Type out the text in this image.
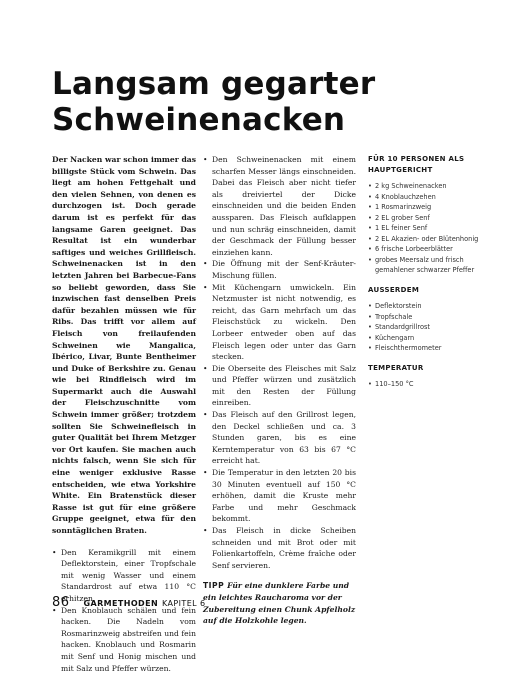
Langsam gegarter
Schweinenacken

Der Nacken war schon immer das billigste Stück vom Schwein. Das liegt am hohen Fettgehalt und den vielen Sehnen, von denen es durchzogen ist. Doch gerade darum ist es perfekt für das langsame Garen geeignet. Das Resultat ist ein wunderbar saftiges und weiches Grillfleisch. Schweinenacken ist in den letzten Jahren bei Barbecue-Fans so beliebt geworden, dass Sie inzwischen fast denselben Preis dafür bezahlen müssen wie für Ribs. Das trifft vor allem auf Fleisch von freilaufenden Schweinen wie Mangalica, Ibérico, Livar, Bunte Bentheimer und Duke of Berkshire zu. Genau wie bei Rindfleisch wird im Supermarkt auch die Auswahl der Fleischzuschnitte vom Schwein immer größer; trotzdem sollten Sie Schweinefleisch in guter Qualität bei Ihrem Metzger vor Ort kaufen. Sie machen auch nichts falsch, wenn Sie sich für eine weniger exklusive Rasse entscheiden, wie etwa Yorkshire White. Ein Bratenstück dieser Rasse ist gut für eine größere Gruppe geeignet, etwa für den sonntäglichen Braten.

• Den Keramikgrill mit einem Deflektorstein, einer Tropfschale mit wenig Wasser und einem Standardrost auf etwa 110 °C erhitzen.
• Den Knoblauch schälen und fein hacken. Die Nadeln vom Rosmarinzweig abstreifen und fein hacken. Knoblauch und Rosmarin mit Senf und Honig mischen und mit Salz und Pfeffer würzen.
• Den Schweinenacken mit einem scharfen Messer längs einschneiden. Dabei das Fleisch aber nicht tiefer als dreiviertel der Dicke einschneiden und die beiden Enden aussparen. Das Fleisch aufklappen und nun schräg einschneiden, damit der Geschmack der Füllung besser einziehen kann.
• Die Öffnung mit der Senf-Kräuter-Mischung füllen.
• Mit Küchengarn umwickeln. Ein Netzmuster ist nicht notwendig, es reicht, das Garn mehrfach um das Fleischstück zu wickeln. Den Lorbeer entweder oben auf das Fleisch legen oder unter das Garn stecken.
• Die Oberseite des Fleisches mit Salz und Pfeffer würzen und zusätzlich mit den Resten der Füllung einreiben.
• Das Fleisch auf den Grillrost legen, den Deckel schließen und ca. 3 Stunden garen, bis es eine Kerntemperatur von 63 bis 67 °C erreicht hat.
• Die Temperatur in den letzten 20 bis 30 Minuten eventuell auf 150 °C erhöhen, damit die Kruste mehr Farbe und mehr Geschmack bekommt.
• Das Fleisch in dicke Scheiben schneiden und mit Brot oder mit Folienkartoffeln, Crème fraîche oder Senf servieren.
TIPP Für eine dunklere Farbe und ein leichtes Raucharoma vor der Zubereitung einen Chunk Apfelholz auf die Holzkohle legen.

FÜR 10 PERSONEN ALS HAUPTGERICHT

• 2 kg Schweinenacken
• 4 Knoblauchzehen
• 1 Rosmarinzweig
• 2 EL grober Senf
• 1 EL feiner Senf
• 2 EL Akazien- oder Blütenhonig
• 6 frische Lorbeerblätter
• grobes Meersalz und frisch gemahlener schwarzer Pfeffer

AUSSERDEM

• Deflektorstein
• Tropfschale
• Standardgrillrost
• Küchengarn
• Fleischthermometer

TEMPERATUR

• 110–150 °C
86 GARMETHODEN KAPITEL 6
